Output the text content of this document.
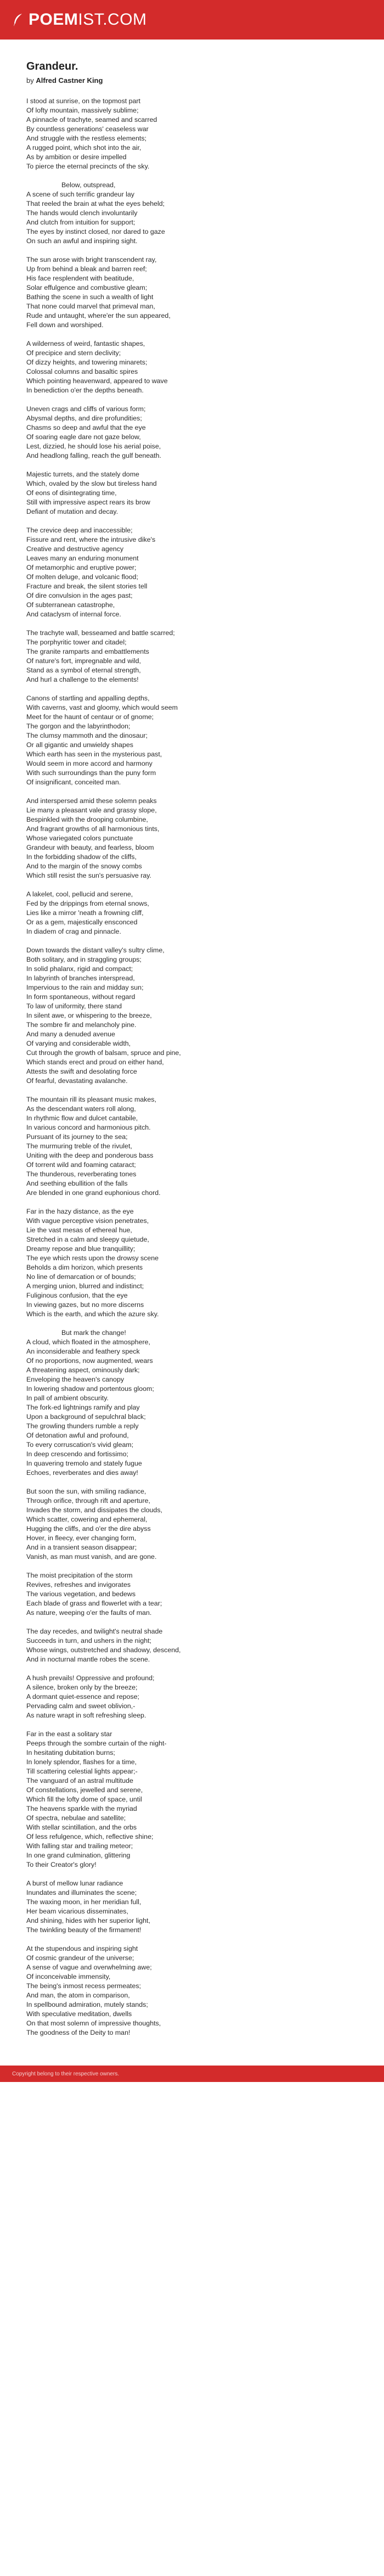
POEM IST.COM
Grandeur.
by Alfred Castner King
I stood at sunrise, on the topmost part
Of lofty mountain, massively sublime;
A pinnacle of trachyte, seamed and scarred
By countless generations' ceaseless war
And struggle with the restless elements;
A rugged point, which shot into the air,
As by ambition or desire impelled
To pierce the eternal precincts of the sky.
Below, outspread,
A scene of such terrific grandeur lay
That reeled the brain at what the eyes beheld;
The hands would clench involuntarily
And clutch from intuition for support;
The eyes by instinct closed, nor dared to gaze
On such an awful and inspiring sight.
The sun arose with bright transcendent ray,
Up from behind a bleak and barren reef;
His face resplendent with beatitude,
Solar effulgence and combustive gleam;
Bathing the scene in such a wealth of light
That none could marvel that primeval man,
Rude and untaught, where'er the sun appeared,
Fell down and worshiped.
A wilderness of weird, fantastic shapes,
Of precipice and stern declivity;
Of dizzy heights, and towering minarets;
Colossal columns and basaltic spires
Which pointing heavenward, appeared to wave
In benediction o'er the depths beneath.
Uneven crags and cliffs of various form;
Abysmal depths, and dire profundities;
Chasms so deep and awful that the eye
Of soaring eagle dare not gaze below,
Lest, dizzied, he should lose his aerial poise,
And headlong falling, reach the gulf beneath.
Majestic turrets, and the stately dome
Which, ovaled by the slow but tireless hand
Of eons of disintegrating time,
Still with impressive aspect rears its brow
Defiant of mutation and decay.
The crevice deep and inaccessible;
Fissure and rent, where the intrusive dike's
Creative and destructive agency
Leaves many an enduring monument
Of metamorphic and eruptive power;
Of molten deluge, and volcanic flood;
Fracture and break, the silent stories tell
Of dire convulsion in the ages past;
Of subterranean catastrophe,
And cataclysm of internal force.
The trachyte wall, besseamed and battle scarred;
The porphyritic tower and citadel;
The granite ramparts and embattlements
Of nature's fort, impregnable and wild,
Stand as a symbol of eternal strength,
And hurl a challenge to the elements!
Canons of startling and appalling depths,
With caverns, vast and gloomy, which would seem
Meet for the haunt of centaur or of gnome;
The gorgon and the labyrinthodon;
The clumsy mammoth and the dinosaur;
Or all gigantic and unwieldy shapes
Which earth has seen in the mysterious past,
Would seem in more accord and harmony
With such surroundings than the puny form
Of insignificant, conceited man.
And interspersed amid these solemn peaks
Lie many a pleasant vale and grassy slope,
Bespinkled with the drooping columbine,
And fragrant growths of all harmonious tints,
Whose variegated colors punctuate
Grandeur with beauty, and fearless, bloom
In the forbidding shadow of the cliffs,
And to the margin of the snowy combs
Which still resist the sun's persuasive ray.
A lakelet, cool, pellucid and serene,
Fed by the drippings from eternal snows,
Lies like a mirror 'neath a frowning cliff,
Or as a gem, majestically ensconced
In diadem of crag and pinnacle.
Down towards the distant valley's sultry clime,
Both solitary, and in straggling groups;
In solid phalanx, rigid and compact;
In labyrinth of branches interspread,
Impervious to the rain and midday sun;
In form spontaneous, without regard
To law of uniformity, there stand
In silent awe, or whispering to the breeze,
The sombre fir and melancholy pine.
And many a denuded avenue
Of varying and considerable width,
Cut through the growth of balsam, spruce and pine,
Which stands erect and proud on either hand,
Attests the swift and desolating force
Of fearful, devastating avalanche.
The mountain rill its pleasant music makes,
As the descendant waters roll along,
In rhythmic flow and dulcet cantabile,
In various concord and harmonious pitch.
Pursuant of its journey to the sea;
The murmuring treble of the rivulet,
Uniting with the deep and ponderous bass
Of torrent wild and foaming cataract;
The thunderous, reverberating tones
And seething ebullition of the falls
Are blended in one grand euphonious chord.
Far in the hazy distance, as the eye
With vague perceptive vision penetrates,
Lie the vast mesas of ethereal hue,
Stretched in a calm and sleepy quietude,
Dreamy repose and blue tranquillity;
The eye which rests upon the drowsy scene
Beholds a dim horizon, which presents
No line of demarcation or of bounds;
A merging union, blurred and indistinct;
Fuliginous confusion, that the eye
In viewing gazes, but no more discerns
Which is the earth, and which the azure sky.
But mark the change!
A cloud, which floated in the atmosphere,
An inconsiderable and feathery speck
Of no proportions, now augmented, wears
A threatening aspect, ominously dark;
Enveloping the heaven's canopy
In lowering shadow and portentous gloom;
In pall of ambient obscurity.
The fork-ed lightnings ramify and play
Upon a background of sepulchral black;
The growling thunders rumble a reply
Of detonation awful and profound,
To every corruscation's vivid gleam;
In deep crescendo and fortissimo;
In quavering tremolo and stately fugue
Echoes, reverberates and dies away!
But soon the sun, with smiling radiance,
Through orifice, through rift and aperture,
Invades the storm, and dissipates the clouds,
Which scatter, cowering and ephemeral,
Hugging the cliffs, and o'er the dire abyss
Hover, in fleecy, ever changing form,
And in a transient season disappear;
Vanish, as man must vanish, and are gone.
The moist precipitation of the storm
Revives, refreshes and invigorates
The various vegetation, and bedews
Each blade of grass and flowerlet with a tear;
As nature, weeping o'er the faults of man.
The day recedes, and twilight's neutral shade
Succeeds in turn, and ushers in the night;
Whose wings, outstretched and shadowy, descend,
And in nocturnal mantle robes the scene.
A hush prevails! Oppressive and profound;
A silence, broken only by the breeze;
A dormant quiet-essence and repose;
Pervading calm and sweet oblivion,-
As nature wrapt in soft refreshing sleep.
Far in the east a solitary star
Peeps through the sombre curtain of the night-
In hesitating dubitation burns;
In lonely splendor, flashes for a time,
Till scattering celestial lights appear;-
The vanguard of an astral multitude
Of constellations, jewelled and serene,
Which fill the lofty dome of space, until
The heavens sparkle with the myriad
Of spectra, nebulae and satellite;
With stellar scintillation, and the orbs
Of less refulgence, which, reflective shine;
With falling star and trailing meteor;
In one grand culmination, glittering
To their Creator's glory!
A burst of mellow lunar radiance
Inundates and illuminates the scene;
The waxing moon, in her meridian full,
Her beam vicarious disseminates,
And shining, hides with her superior light,
The twinkling beauty of the firmament!
At the stupendous and inspiring sight
Of cosmic grandeur of the universe;
A sense of vague and overwhelming awe;
Of inconceivable immensity,
The being's inmost recess permeates;
And man, the atom in comparison,
In spellbound admiration, mutely stands;
With speculative meditation, dwells
On that most solemn of impressive thoughts,
The goodness of the Deity to man!
Copyright belong to their respective owners.
